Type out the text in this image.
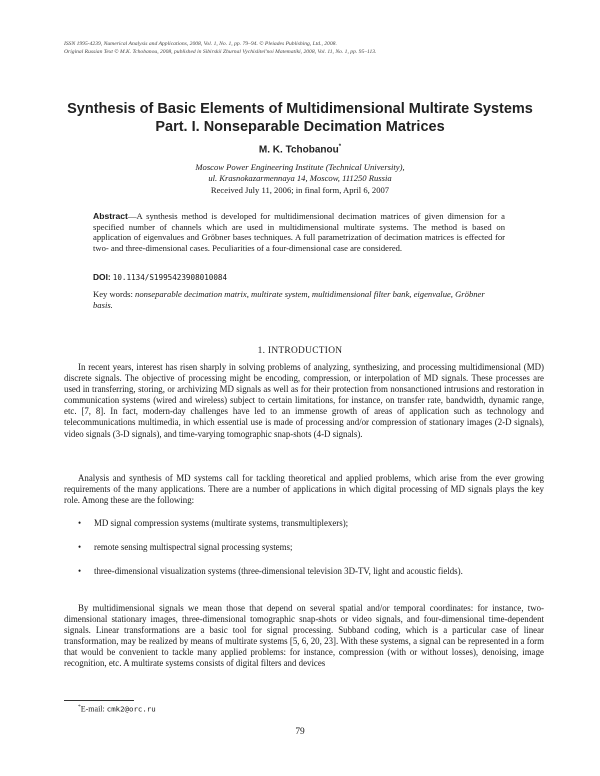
ISSN 1995-4239, Numerical Analysis and Applications, 2008, Vol. 1, No. 1, pp. 79–94. © Pleiades Publishing, Ltd., 2008.
Original Russian Text © M.K. Tchobanou, 2008, published in Sibirskii Zhurnal Vychislitel'noi Matematiki, 2008, Vol. 11, No. 1, pp. 95–113.
Synthesis of Basic Elements of Multidimensional Multirate Systems
Part. I. Nonseparable Decimation Matrices
M. K. Tchobanou*
Moscow Power Engineering Institute (Technical University),
ul. Krasnokazarmennaya 14, Moscow, 111250 Russia
Received July 11, 2006; in final form, April 6, 2007
Abstract—A synthesis method is developed for multidimensional decimation matrices of given dimension for a specified number of channels which are used in multidimensional multirate systems. The method is based on application of eigenvalues and Gröbner bases techniques. A full parametrization of decimation matrices is effected for two- and three-dimensional cases. Peculiarities of a four-dimensional case are considered.
DOI: 10.1134/S1995423908010084
Key words: nonseparable decimation matrix, multirate system, multidimensional filter bank, eigenvalue, Gröbner basis.
1. INTRODUCTION
In recent years, interest has risen sharply in solving problems of analyzing, synthesizing, and processing multidimensional (MD) discrete signals. The objective of processing might be encoding, compression, or interpolation of MD signals. These processes are used in transferring, storing, or archivizing MD signals as well as for their protection from nonsanctioned intrusions and restoration in communication systems (wired and wireless) subject to certain limitations, for instance, on transfer rate, bandwidth, dynamic range, etc. [7, 8]. In fact, modern-day challenges have led to an immense growth of areas of application such as technology and telecommunications multimedia, in which essential use is made of processing and/or compression of stationary images (2-D signals), video signals (3-D signals), and time-varying tomographic snap-shots (4-D signals).
Analysis and synthesis of MD systems call for tackling theoretical and applied problems, which arise from the ever growing requirements of the many applications. There are a number of applications in which digital processing of MD signals plays the key role. Among these are the following:
• MD signal compression systems (multirate systems, transmultiplexers);
• remote sensing multispectral signal processing systems;
• three-dimensional visualization systems (three-dimensional television 3D-TV, light and acoustic fields).
By multidimensional signals we mean those that depend on several spatial and/or temporal coordinates: for instance, two-dimensional stationary images, three-dimensional tomographic snap-shots or video signals, and four-dimensional time-dependent signals. Linear transformations are a basic tool for signal processing. Subband coding, which is a particular case of linear transformation, may be realized by means of multirate systems [5, 6, 20, 23]. With these systems, a signal can be represented in a form that would be convenient to tackle many applied problems: for instance, compression (with or without losses), denoising, image recognition, etc. A multirate systems consists of digital filters and devices
*E-mail: cmk2@orc.ru
79
